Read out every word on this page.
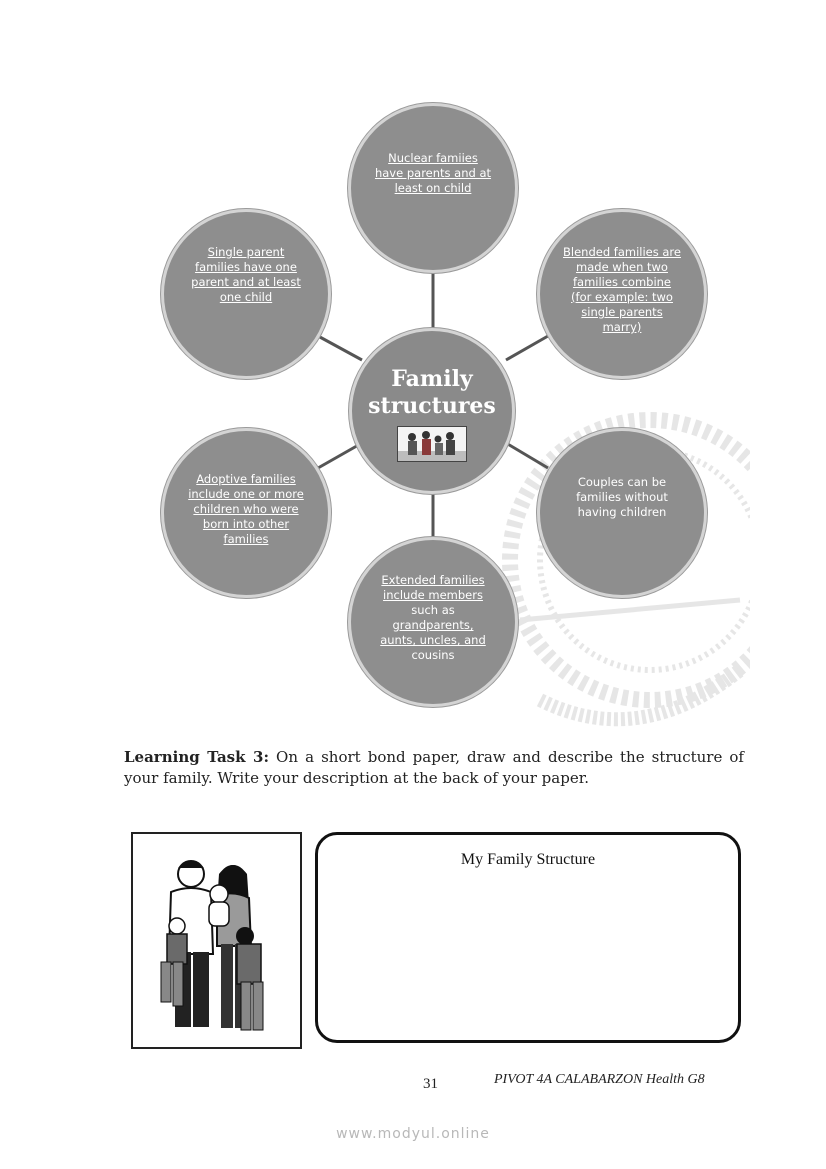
Nuclear famiies have parents and at least on child
Blended families are made when two families combine (for example: two single parents marry)
Couples can be families without having children
Extended families include members
such as
grandparents, aunts, uncles, and
cousins
Adoptive families include one or more children who were born into other families
Single parent families have one parent and at least one child
Family
structures
Learning Task 3: On a short bond paper, draw and describe the structure of your family. Write your description at the back of your paper.
My Family Structure
31	PIVOT 4A CALABARZON Health G8
www.modyul.online
